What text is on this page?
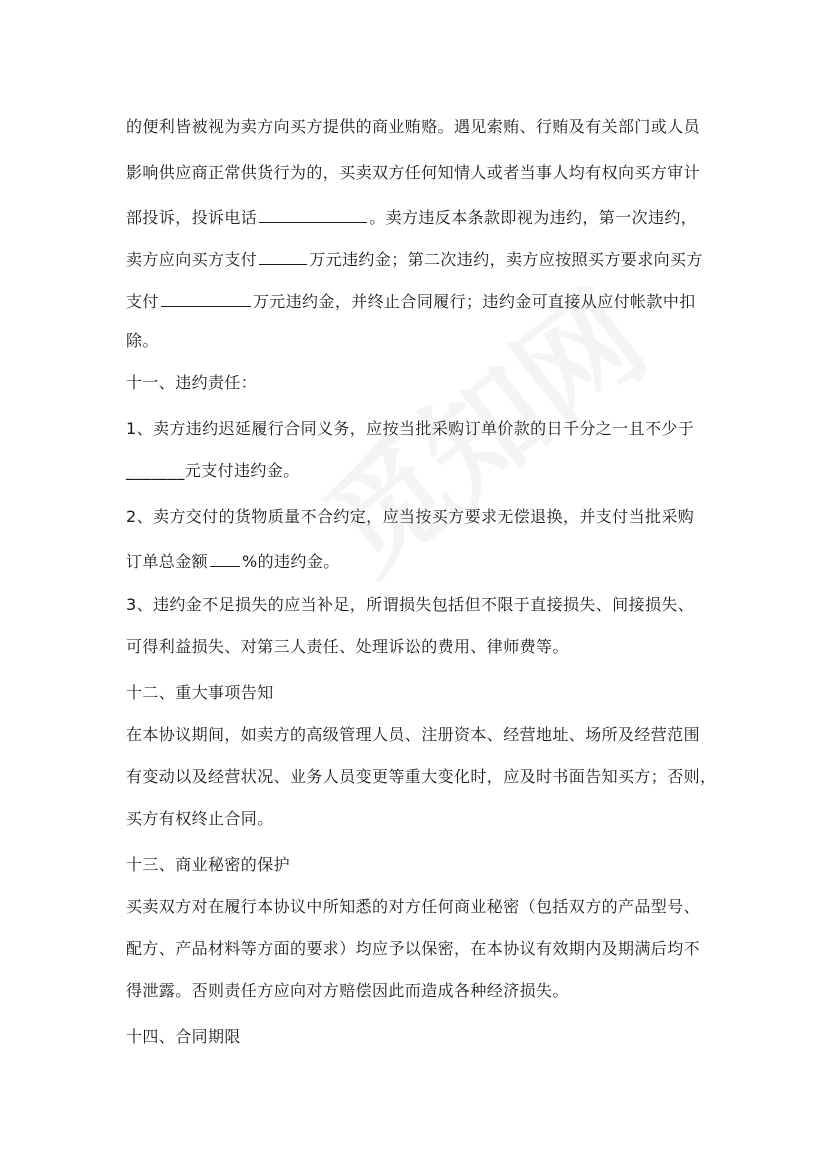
的便利皆被视为卖方向买方提供的商业贿赂。遇见索贿、行贿及有关部门或人员
影响供应商正常供货行为的，买卖双方任何知情人或者当事人均有权向买方审计
部投诉，投诉电话	。卖方违反本条款即视为违约，第一次违约，
卖方应向买方支付	万元违约金；第二次违约，卖方应按照买方要求向买方
支付	万元违约金，并终止合同履行；违约金可直接从应付帐款中扣
除。
十一、违约责任：
1、卖方违约迟延履行合同义务，应按当批采购订单价款的日千分之一且不少于
_______元支付违约金。
2、卖方交付的货物质量不合约定，应当按买方要求无偿退换，并支付当批采购
订单总金额 %的违约金。
3、违约金不足损失的应当补足，所谓损失包括但不限于直接损失、间接损失、
可得利益损失、对第三人责任、处理诉讼的费用、律师费等。
十二、重大事项告知
在本协议期间，如卖方的高级管理人员、注册资本、经营地址、场所及经营范围
有变动以及经营状况、业务人员变更等重大变化时，应及时书面告知买方；否则，
买方有权终止合同。
十三、商业秘密的保护
买卖双方对在履行本协议中所知悉的对方任何商业秘密（包括双方的产品型号、
配方、产品材料等方面的要求）均应予以保密，在本协议有效期内及期满后均不
得泄露。否则责任方应向对方赔偿因此而造成各种经济损失。
十四、合同期限
